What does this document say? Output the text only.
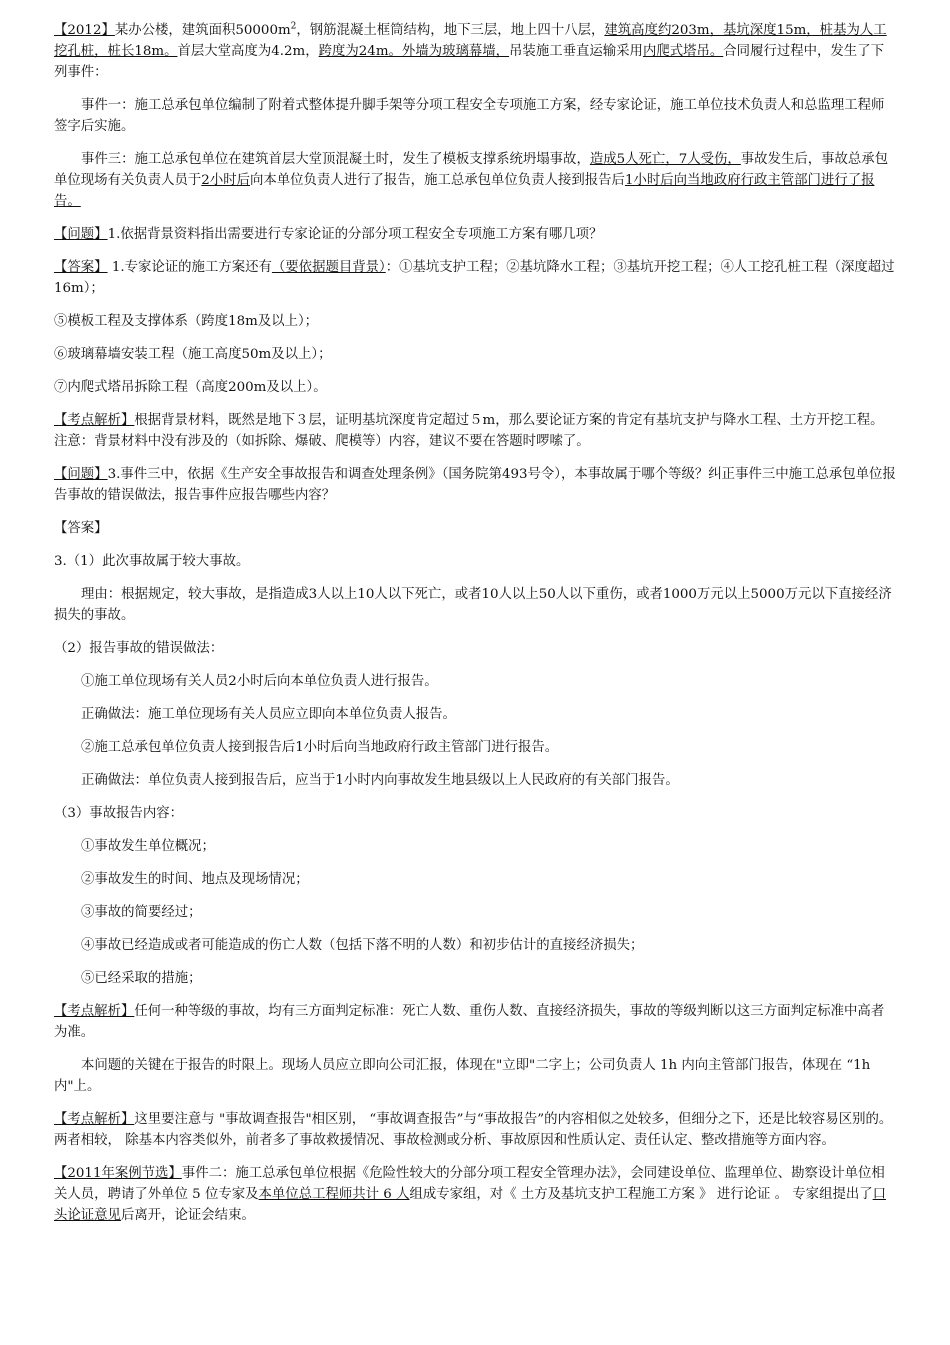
【2012】某办公楼，建筑面积$50000m^2$，钢筋混凝土框筒结构，地下三层，地上四十八层，建筑高度约203m，基坑深度15m，桩基为人工挖孔桩，桩长18m。首层大堂高度为4.2m，跨度为24m。外墙为玻璃幕墙，吊装施工垂直运输采用内爬式塔吊。合同履行过程中，发生了下列事件：

事件一：施工总承包单位编制了附着式整体提升脚手架等分项工程安全专项施工方案，经专家论证，施工单位技术负责人和总监理工程师签字后实施。

事件三：施工总承包单位在建筑首层大堂顶混凝土时，发生了模板支撑系统坍塌事故，造成5人死亡，7人受伤，事故发生后，事故总承包单位现场有关负责人员于2小时后向本单位负责人进行了报告，施工总承包单位负责人接到报告后1小时后向当地政府行政主管部门进行了报告。

【问题】1.依据背景资料指出需要进行专家论证的分部分项工程安全专项施工方案有哪几项？

【答案】 1.专家论证的施工方案还有（要依据题目背景）：①基坑支护工程；②基坑降水工程；③基坑开挖工程；④人工挖孔桩工程（深度超过16m）；

⑤模板工程及支撑体系（跨度18m及以上）；

⑥玻璃幕墙安装工程（施工高度50m及以上）；

⑦内爬式塔吊拆除工程（高度200m及以上）。

【考点解析】根据背景材料，既然是地下３层，证明基坑深度肯定超过５m，那么要论证方案的肯定有基坑支护与降水工程、土方开挖工程。注意：背景材料中没有涉及的（如拆除、爆破、爬模等）内容，建议不要在答题时啰嗦了。

【问题】3.事件三中，依据《生产安全事故报告和调查处理条例》（国务院第493号令），本事故属于哪个等级？纠正事件三中施工总承包单位报告事故的错误做法，报告事件应报告哪些内容？

【答案】

3.（1）此次事故属于较大事故。

理由：根据规定，较大事故，是指造成3人以上10人以下死亡，或者10人以上50人以下重伤，或者1000万元以上5000万元以下直接经济损失的事故。

（2）报告事故的错误做法：

①施工单位现场有关人员2小时后向本单位负责人进行报告。

正确做法：施工单位现场有关人员应立即向本单位负责人报告。

②施工总承包单位负责人接到报告后1小时后向当地政府行政主管部门进行报告。

正确做法：单位负责人接到报告后，应当于1小时内向事故发生地县级以上人民政府的有关部门报告。

（3）事故报告内容：

①事故发生单位概况；

②事故发生的时间、地点及现场情况；

③事故的简要经过；

④事故已经造成或者可能造成的伤亡人数（包括下落不明的人数）和初步估计的直接经济损失；

⑤已经采取的措施；

【考点解析】任何一种等级的事故，均有三方面判定标准：死亡人数、重伤人数、直接经济损失，事故的等级判断以这三方面判定标准中高者为准。

本问题的关键在于报告的时限上。现场人员应立即向公司汇报，体现在"立即"二字上；公司负责人 1h 内向主管部门报告，体现在 “1h 内"上。

【考点解析】这里要注意与 "事故调查报告"相区别， “事故调查报告”与“事故报告”的内容相似之处较多，但细分之下，还是比较容易区别的。两者相较， 除基本内容类似外，前者多了事故救援情况、事故检测或分析、事故原因和性质认定、责任认定、整改措施等方面内容。

【2011年案例节选】事件二：施工总承包单位根据《危险性较大的分部分项工程安全管理办法》，会同建设单位、监理单位、勘察设计单位相关人员，聘请了外单位 5 位专家及本单位总工程师共计 6 人组成专家组，对《 土方及基坑支护工程施工方案 》 进行论证 。 专家组提出了口头论证意见后离开，论证会结束。
